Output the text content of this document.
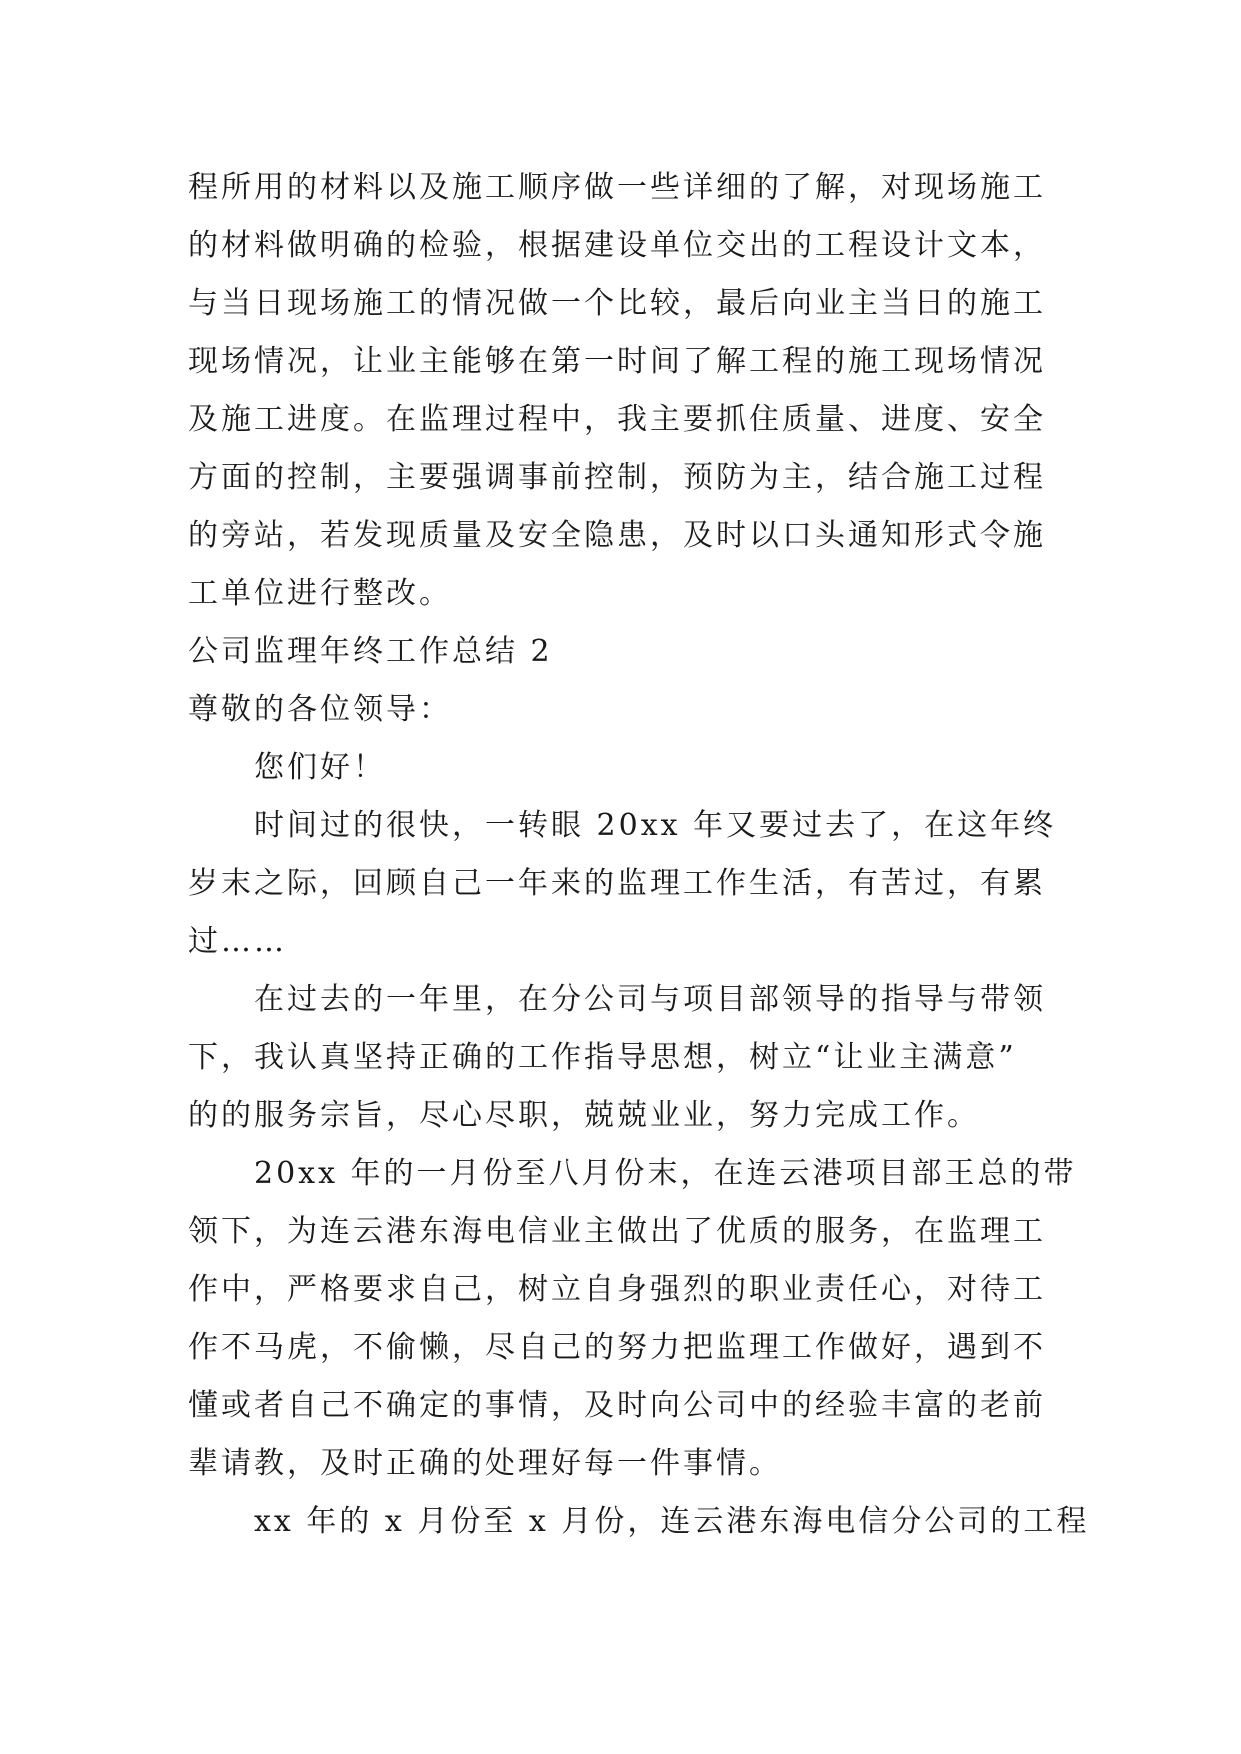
程所用的材料以及施工顺序做一些详细的了解，对现场施工
的材料做明确的检验，根据建设单位交出的工程设计文本，
与当日现场施工的情况做一个比较，最后向业主当日的施工
现场情况，让业主能够在第一时间了解工程的施工现场情况
及施工进度。在监理过程中，我主要抓住质量、进度、安全
方面的控制，主要强调事前控制，预防为主，结合施工过程
的旁站，若发现质量及安全隐患，及时以口头通知形式令施
工单位进行整改。
公司监理年终工作总结 2
尊敬的各位领导：
您们好！
时间过的很快，一转眼 20xx 年又要过去了，在这年终
岁末之际，回顾自己一年来的监理工作生活，有苦过，有累
过……
在过去的一年里，在分公司与项目部领导的指导与带领
下，我认真坚持正确的工作指导思想，树立“让业主满意”
的的服务宗旨，尽心尽职，兢兢业业，努力完成工作。
20xx 年的一月份至八月份末，在连云港项目部王总的带
领下，为连云港东海电信业主做出了优质的服务，在监理工
作中，严格要求自己，树立自身强烈的职业责任心，对待工
作不马虎，不偷懒，尽自己的努力把监理工作做好，遇到不
懂或者自己不确定的事情，及时向公司中的经验丰富的老前
辈请教，及时正确的处理好每一件事情。
xx 年的 x 月份至 x 月份，连云港东海电信分公司的工程
